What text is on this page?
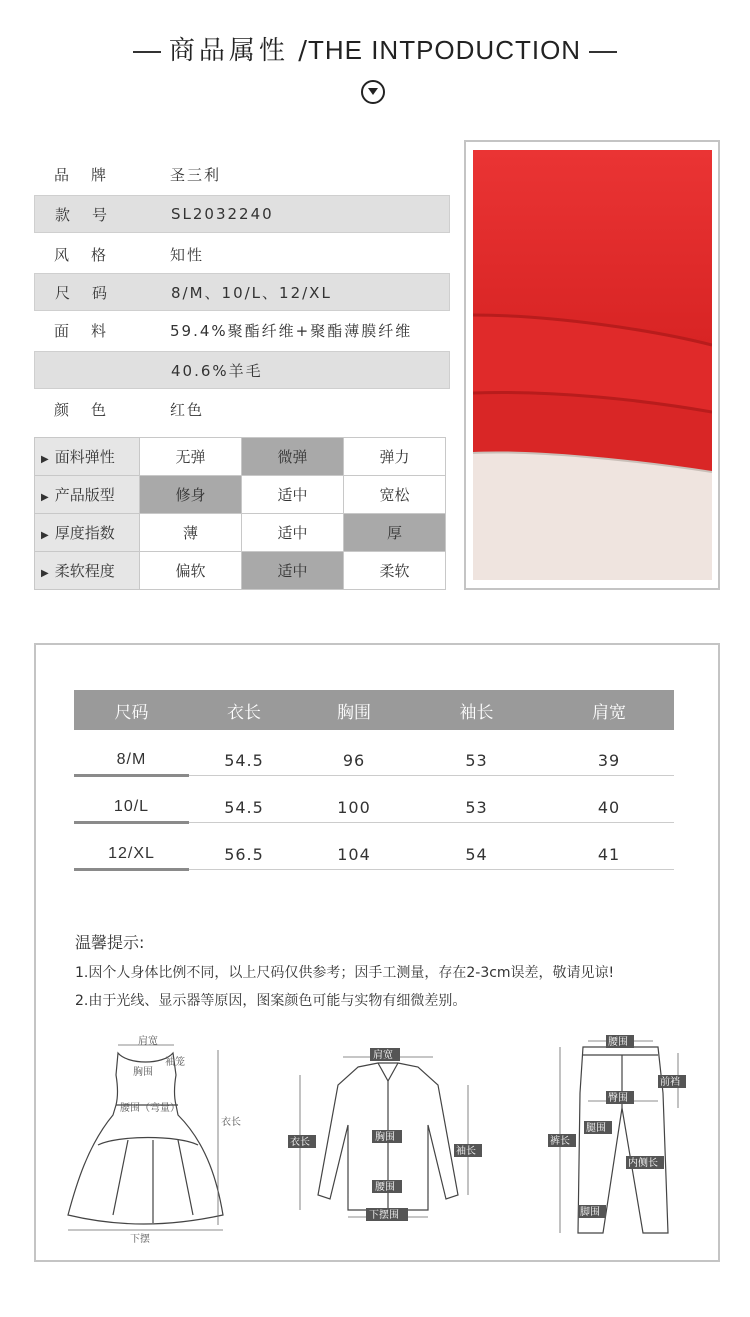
商品属性 /THE INTPODUCTION
品 牌	圣三利
款 号	SL2032240
风 格	知性
尺 码	8/M、10/L、12/XL
面 料	59.4%聚酯纤维+聚酯薄膜纤维
40.6%羊毛
颜 色	红色
▶ 面料弹性	无弹	微弹	弹力
▶ 产品版型	修身	适中	宽松
▶ 厚度指数	薄	适中	厚
▶ 柔软程度	偏软	适中	柔软
尺码	衣长	胸围	袖长	肩宽
8/M	54.5	96	53	39
10/L	54.5	100	53	40
12/XL	56.5	104	54	41
温馨提示:
1.因个人身体比例不同，以上尺码仅供参考；因手工测量，存在2-3cm误差，敬请见谅!
2.由于光线、显示器等原因，图案颜色可能与实物有细微差别。
肩宽
袖笼
胸围
腰围（弯量）
衣长
下摆
肩宽
衣长	胸围
袖长
腰围
下摆围
腰围
前裆
臀围
裤长
腿围
内侧长
脚围
